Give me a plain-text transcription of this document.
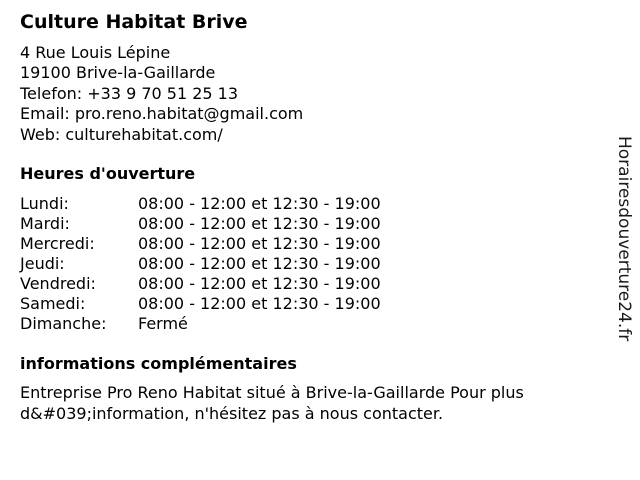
Culture Habitat Brive
4 Rue Louis Lépine
19100 Brive-la-Gaillarde
Telefon: +33 9 70 51 25 13
Email: pro.reno.habitat@gmail.com
Web: culturehabitat.com/
Heures d'ouverture
Lundi:	08:00 - 12:00 et 12:30 - 19:00
Mardi:	08:00 - 12:00 et 12:30 - 19:00
Mercredi:	08:00 - 12:00 et 12:30 - 19:00
Jeudi:	08:00 - 12:00 et 12:30 - 19:00
Vendredi:	08:00 - 12:00 et 12:30 - 19:00
Samedi:	08:00 - 12:00 et 12:30 - 19:00
Dimanche: Fermé
informations complémentaires
Entreprise Pro Reno Habitat situé à Brive-la-Gaillarde Pour plus d&#039;information, n'hésitez pas à nous contacter.
Horairesdouverture24.fr
